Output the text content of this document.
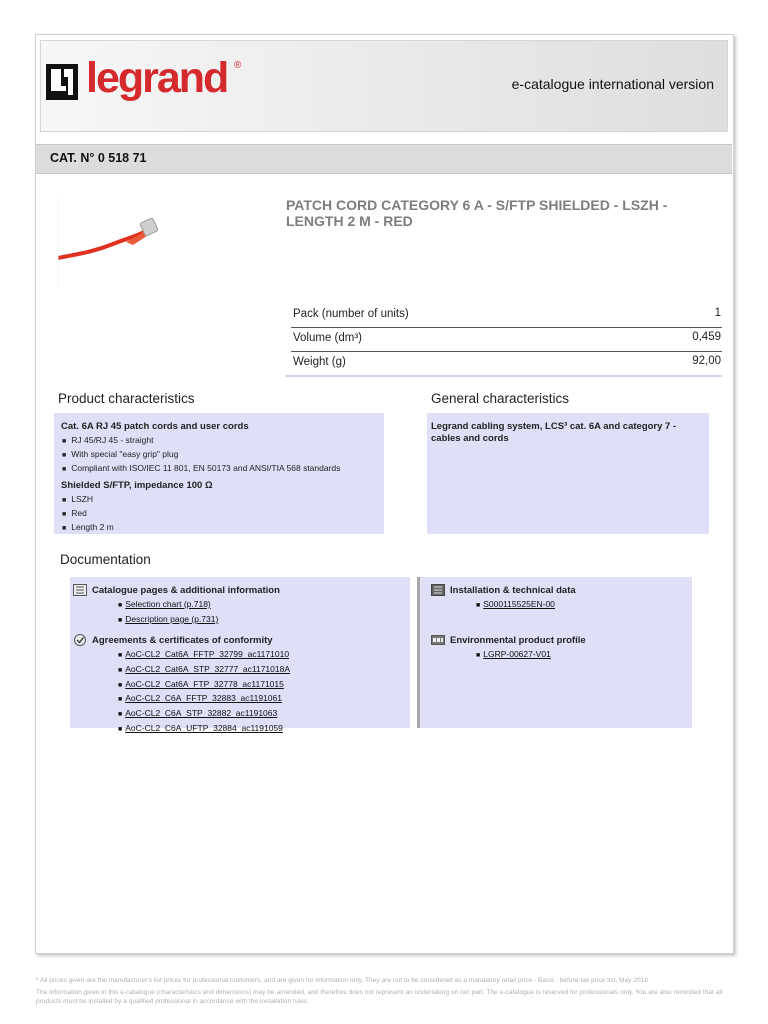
legrand ®
e-catalogue international version
CAT. N° 0 518 71
PATCH CORD CATEGORY 6 A - S/FTP SHIELDED - LSZH - LENGTH 2 M - RED
Pack (number of units)	1
Volume (dm³)	0,459
Weight (g)	92,00
Product characteristics
Cat. 6A RJ 45 patch cords and user cords
■ RJ 45/RJ 45 - straight
■ With special "easy grip" plug
■ Compliant with ISO/IEC 11 801, EN 50173 and ANSI/TIA 568 standards
Shielded S/FTP, impedance 100 Ω
■ LSZH
■ Red
■ Length 2 m
General characteristics
Legrand cabling system, LCS³ cat. 6A and category 7 - cables and cords
Documentation
Catalogue pages & additional information
■ Selection chart (p.718)
■ Description page (p.731)
Agreements & certificates of conformity
■ AoC-CL2_Cat6A_FFTP_32799_ac1171010
■ AoC-CL2_Cat6A_STP_32777_ac1171018A
■ AoC-CL2_Cat6A_FTP_32778_ac1171015
■ AoC-CL2_C6A_FFTP_32883_ac1191061
■ AoC-CL2_C6A_STP_32882_ac1191063
■ AoC-CL2_C6A_UFTP_32884_ac1191059
Installation & technical data
■ S000115525EN-00
Environmental product profile
■ LGRP-00627-V01
* All prices given are the manufacturer's list prices for professional customers, and are given for information only. They are not to be considered as a mandatory retail price - Basis : before-tax price list, May 2018
The information given in this e-catalogue (characteristics and dimensions) may be amended, and therefore does not represent an undertaking on our part. The e-catalogue is reserved for professionals only. You are also reminded that all products must be installed by a qualified professional in accordance with the installation rules.
